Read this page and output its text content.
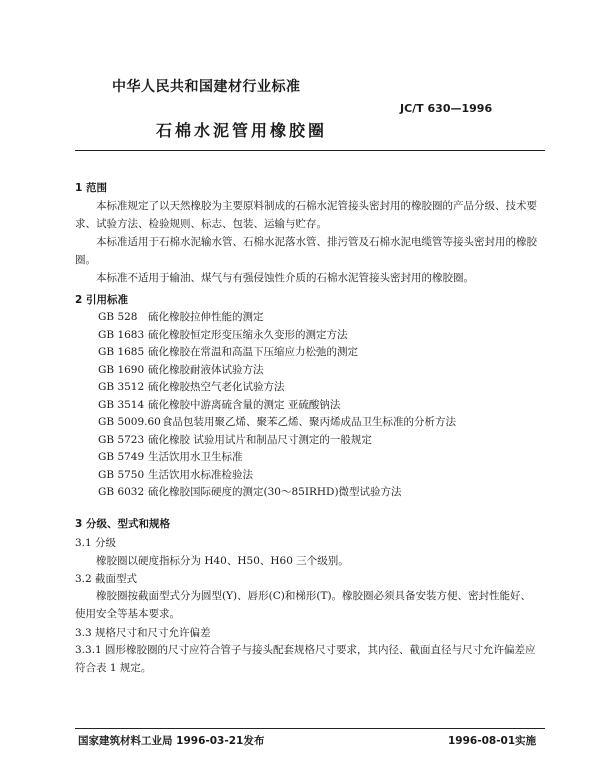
中华人民共和国建材行业标准
JC/T 630—1996
石棉水泥管用橡胶圈
1 范围

本标准规定了以天然橡胶为主要原料制成的石棉水泥管接头密封用的橡胶圈的产品分级、技术要求、试验方法、检验规则、标志、包装、运输与贮存。

本标准适用于石棉水泥输水管、石棉水泥落水管、排污管及石棉水泥电缆管等接头密封用的橡胶圈。

本标准不适用于输油、煤气与有强侵蚀性介质的石棉水泥管接头密封用的橡胶圈。

2 引用标准
GB 528 硫化橡胶拉伸性能的测定
GB 1683 硫化橡胶恒定形变压缩永久变形的测定方法
GB 1685 硫化橡胶在常温和高温下压缩应力松弛的测定
GB 1690 硫化橡胶耐液体试验方法
GB 3512 硫化橡胶热空气老化试验方法
GB 3514 硫化橡胶中游离硫含量的测定 亚硫酸钠法
GB 5009.60食品包装用聚乙烯、聚苯乙烯、聚丙烯成品卫生标准的分析方法
GB 5723 硫化橡胶 试验用试片和制品尺寸测定的一般规定
GB 5749 生活饮用水卫生标准
GB 5750 生活饮用水标准检验法
GB 6032 硫化橡胶国际硬度的测定(30～85IRHD)微型试验方法
3 分级、型式和规格
3.1 分级
橡胶圈以硬度指标分为 H40、H50、H60 三个级别。
3.2 截面型式

橡胶圈按截面型式分为圆型(Y)、唇形(C)和梯形(T)。橡胶圈必须具备安装方便、密封性能好、使用安全等基本要求。

3.3 规格尺寸和尺寸允许偏差

3.3.1 圆形橡胶圈的尺寸应符合管子与接头配套规格尺寸要求，其内径、截面直径与尺寸允许偏差应符合表 1 规定。

国家建筑材料工业局 1996-03-21发布	1996-08-01实施
